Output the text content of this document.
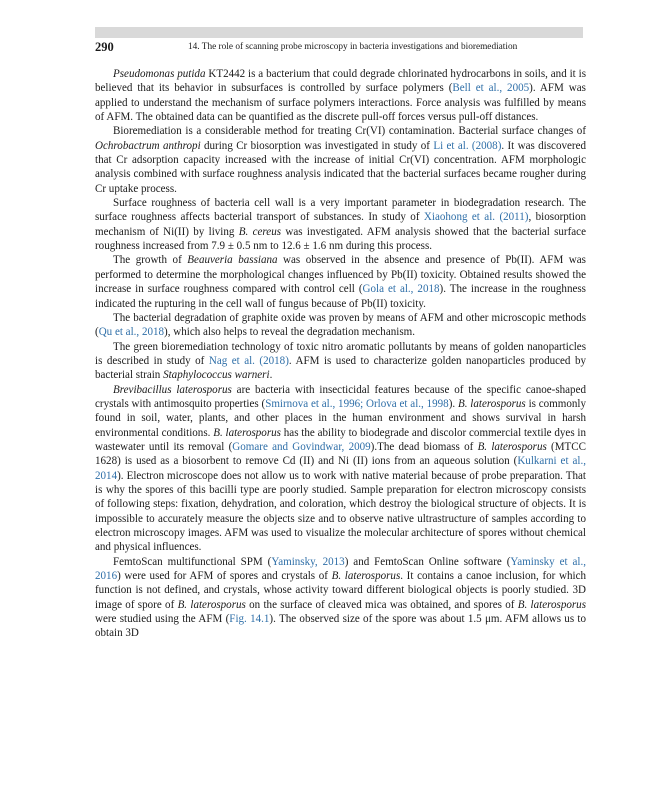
290	14. The role of scanning probe microscopy in bacteria investigations and bioremediation

Pseudomonas putida KT2442 is a bacterium that could degrade chlorinated hydrocarbons in soils, and it is believed that its behavior in subsurfaces is controlled by surface polymers (Bell et al., 2005). AFM was applied to understand the mechanism of surface polymers interactions. Force analysis was fulfilled by means of AFM. The obtained data can be quantified as the discrete pull-off forces versus pull-off distances.

Bioremediation is a considerable method for treating Cr(VI) contamination. Bacterial surface changes of Ochrobactrum anthropi during Cr biosorption was investigated in study of Li et al. (2008). It was discovered that Cr adsorption capacity increased with the increase of initial Cr(VI) concentration. AFM morphologic analysis combined with surface roughness analysis indicated that the bacterial surfaces became rougher during Cr uptake process.

Surface roughness of bacteria cell wall is a very important parameter in biodegradation research. The surface roughness affects bacterial transport of substances. In study of Xiaohong et al. (2011), biosorption mechanism of Ni(II) by living B. cereus was investigated. AFM analysis showed that the bacterial surface roughness increased from 7.9 ± 0.5 nm to 12.6 ± 1.6 nm during this process.

The growth of Beauveria bassiana was observed in the absence and presence of Pb(II). AFM was performed to determine the morphological changes influenced by Pb(II) toxicity. Obtained results showed the increase in surface roughness compared with control cell (Gola et al., 2018). The increase in the roughness indicated the rupturing in the cell wall of fungus because of Pb(II) toxicity.

The bacterial degradation of graphite oxide was proven by means of AFM and other microscopic methods (Qu et al., 2018), which also helps to reveal the degradation mechanism.

The green bioremediation technology of toxic nitro aromatic pollutants by means of golden nanoparticles is described in study of Nag et al. (2018). AFM is used to characterize golden nanoparticles produced by bacterial strain Staphylococcus warneri.

Brevibacillus laterosporus are bacteria with insecticidal features because of the specific canoe-shaped crystals with antimosquito properties (Smirnova et al., 1996; Orlova et al., 1998). B. laterosporus is commonly found in soil, water, plants, and other places in the human environment and shows survival in harsh environmental conditions. B. laterosporus has the ability to biodegrade and discolor commercial textile dyes in wastewater until its removal (Gomare and Govindwar, 2009).The dead biomass of B. laterosporus (MTCC 1628) is used as a biosorbent to remove Cd (II) and Ni (II) ions from an aqueous solution (Kulkarni et al., 2014). Electron microscope does not allow us to work with native material because of probe preparation. That is why the spores of this bacilli type are poorly studied. Sample preparation for electron microscopy consists of following steps: fixation, dehydration, and coloration, which destroy the biological structure of objects. It is impossible to accurately measure the objects size and to observe native ultrastructure of samples according to electron microscopy images. AFM was used to visualize the molecular architecture of spores without chemical and physical influences.

FemtoScan multifunctional SPM (Yaminsky, 2013) and FemtoScan Online software (Yaminsky et al., 2016) were used for AFM of spores and crystals of B. laterosporus. It contains a canoe inclusion, for which function is not defined, and crystals, whose activity toward different biological objects is poorly studied. 3D image of spore of B. laterosporus on the surface of cleaved mica was obtained, and spores of B. laterosporus were studied using the AFM (Fig. 14.1). The observed size of the spore was about 1.5 μm. AFM allows us to obtain 3D
